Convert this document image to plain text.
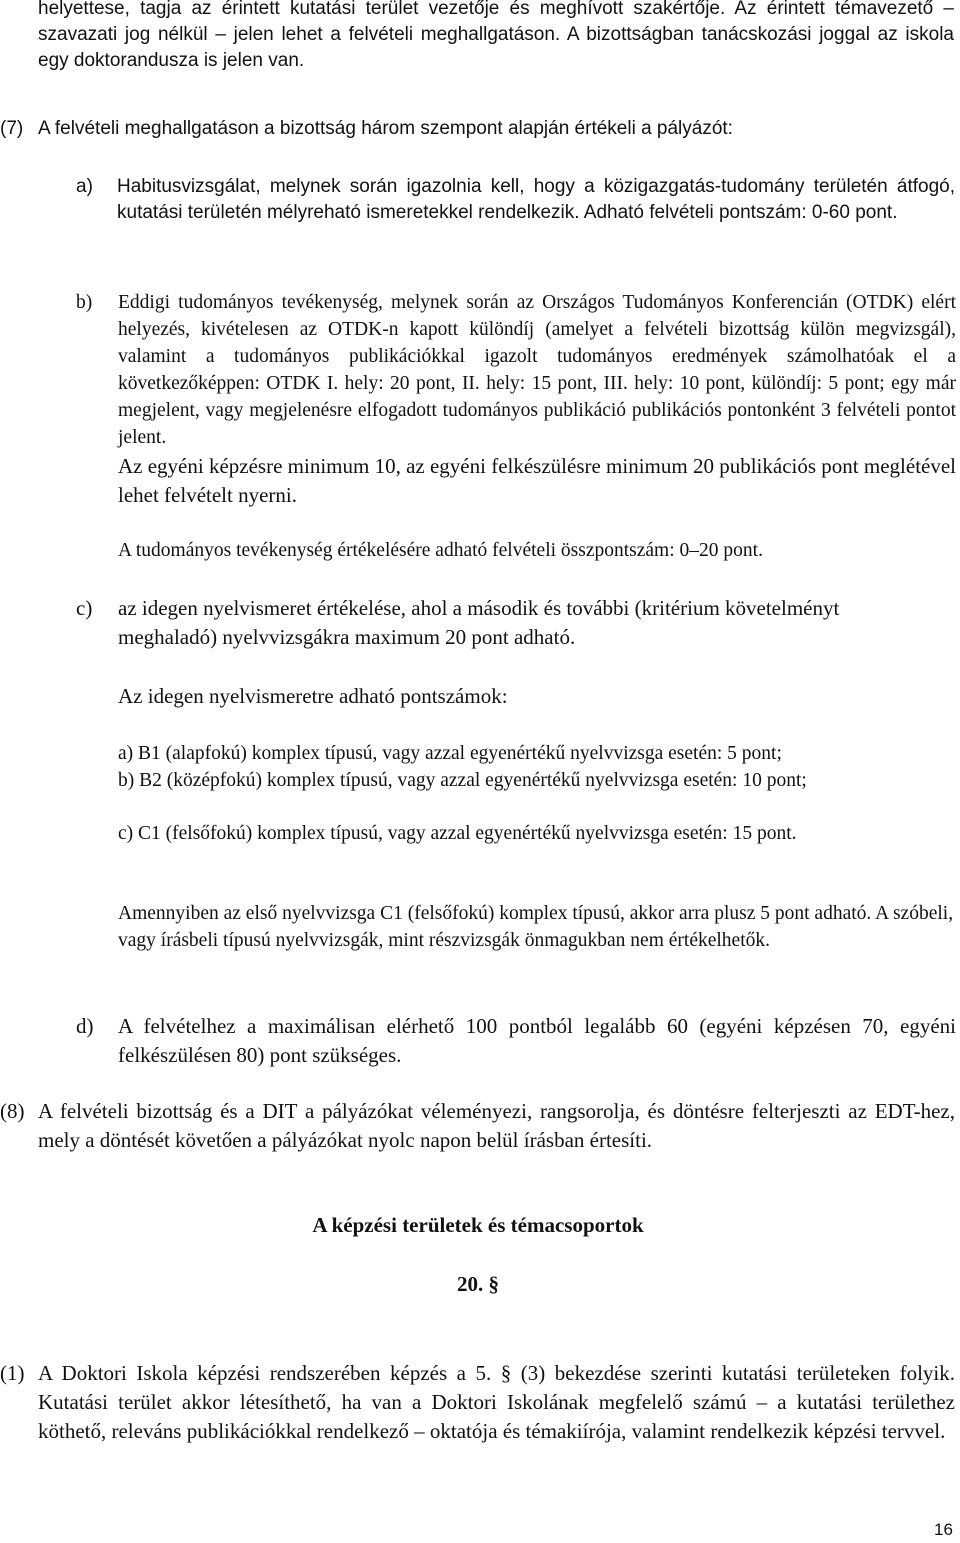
helyettese, tagja az érintett kutatási terület vezetője és meghívott szakértője. Az érintett témavezető – szavazati jog nélkül – jelen lehet a felvételi meghallgatáson. A bizottságban tanácskozási joggal az iskola egy doktorandusza is jelen van.

(7) A felvételi meghallgatáson a bizottság három szempont alapján értékeli a pályázót:

a) Habitusvizsgálat, melynek során igazolnia kell, hogy a közigazgatás-tudomány területén átfogó, kutatási területén mélyreható ismeretekkel rendelkezik. Adható felvételi pontszám: 0-60 pont.

b) Eddigi tudományos tevékenység, melynek során az Országos Tudományos Konferencián (OTDK) elért helyezés, kivételesen az OTDK-n kapott különdíj (amelyet a felvételi bizottság külön megvizsgál), valamint a tudományos publikációkkal igazolt tudományos eredmények számolhatóak el a következőképpen: OTDK I. hely: 20 pont, II. hely: 15 pont, III. hely: 10 pont, különdíj: 5 pont; egy már megjelent, vagy megjelenésre elfogadott tudományos publikáció publikációs pontonként 3 felvételi pontot jelent.

Az egyéni képzésre minimum 10, az egyéni felkészülésre minimum 20 publikációs pont meglétével lehet felvételt nyerni.

A tudományos tevékenység értékelésére adható felvételi összpontszám: 0–20 pont.

c) az idegen nyelvismeret értékelése, ahol a második és további (kritérium követelményt meghaladó) nyelvvizsgákra maximum 20 pont adható.

Az idegen nyelvismeretre adható pontszámok:

a) B1 (alapfokú) komplex típusú, vagy azzal egyenértékű nyelvvizsga esetén: 5 pont;

b) B2 (középfokú) komplex típusú, vagy azzal egyenértékű nyelvvizsga esetén: 10 pont;

c) C1 (felsőfokú) komplex típusú, vagy azzal egyenértékű nyelvvizsga esetén: 15 pont.

Amennyiben az első nyelvvizsga C1 (felsőfokú) komplex típusú, akkor arra plusz 5 pont adható. A szóbeli, vagy írásbeli típusú nyelvvizsgák, mint részvizsgák önmagukban nem értékelhetők.

d) A felvételhez a maximálisan elérhető 100 pontból legalább 60 (egyéni képzésen 70, egyéni felkészülésen 80) pont szükséges.

(8) A felvételi bizottság és a DIT a pályázókat véleményezi, rangsorolja, és döntésre felterjeszti az EDT-hez, mely a döntését követően a pályázókat nyolc napon belül írásban értesíti.

A képzési területek és témacsoportok

20. §

(1) A Doktori Iskola képzési rendszerében képzés a 5. § (3) bekezdése szerinti kutatási területeken folyik. Kutatási terület akkor létesíthető, ha van a Doktori Iskolának megfelelő számú – a kutatási területhez köthető, releváns publikációkkal rendelkező – oktatója és témakiírója, valamint rendelkezik képzési tervvel.

16
